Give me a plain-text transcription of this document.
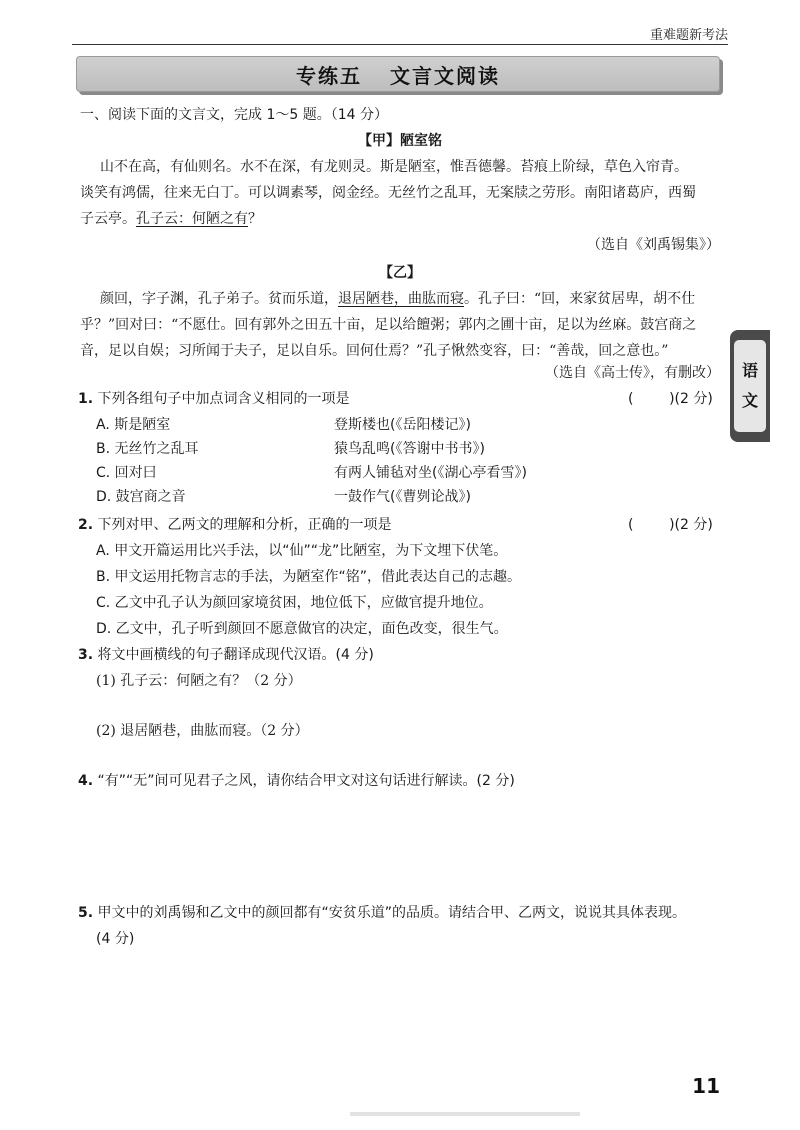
重难题新考法
专练五 文言文阅读
语
文
一、阅读下面的文言文，完成 1～5 题。（14 分）
【甲】陋室铭
山不在高，有仙则名。水不在深，有龙则灵。斯是陋室，惟吾德馨。苔痕上阶绿，草色入帘青。
谈笑有鸿儒，往来无白丁。可以调素琴，阅金经。无丝竹之乱耳，无案牍之劳形。南阳诸葛庐，西蜀
子云亭。孔子云：何陋之有？
（选自《刘禹锡集》）
【乙】
颜回，字子渊，孔子弟子。贫而乐道，退居陋巷，曲肱而寝。孔子曰：“回，来家贫居卑，胡不仕
乎？”回对曰：“不愿仕。回有郭外之田五十亩，足以给饘粥；郭内之圃十亩，足以为丝麻。鼓宫商之
音，足以自娱；习所闻于夫子，足以自乐。回何仕焉？”孔子愀然变容，曰：“善哉，回之意也。”
（选自《高士传》，有删改）
1. 下列各组句子中加点词含义相同的一项是	(        )(2 分)
A. 斯是陋室	登斯楼也(《岳阳楼记》)
B. 无丝竹之乱耳	猿鸟乱鸣(《答谢中书书》)
C. 回对曰	有两人铺毡对坐(《湖心亭看雪》)
D. 鼓宫商之音	一鼓作气(《曹刿论战》)
2. 下列对甲、乙两文的理解和分析，正确的一项是	(        )(2 分)
A. 甲文开篇运用比兴手法，以“仙”“龙”比陋室，为下文埋下伏笔。
B. 甲文运用托物言志的手法，为陋室作“铭”，借此表达自己的志趣。
C. 乙文中孔子认为颜回家境贫困，地位低下，应做官提升地位。
D. 乙文中，孔子听到颜回不愿意做官的决定，面色改变，很生气。
3. 将文中画横线的句子翻译成现代汉语。(4 分)
(1) 孔子云：何陋之有？（2 分）
(2) 退居陋巷，曲肱而寝。（2 分）
4. “有”“无”间可见君子之风，请你结合甲文对这句话进行解读。(2 分)
5. 甲文中的刘禹锡和乙文中的颜回都有“安贫乐道”的品质。请结合甲、乙两文，说说其具体表现。
(4 分)
11
